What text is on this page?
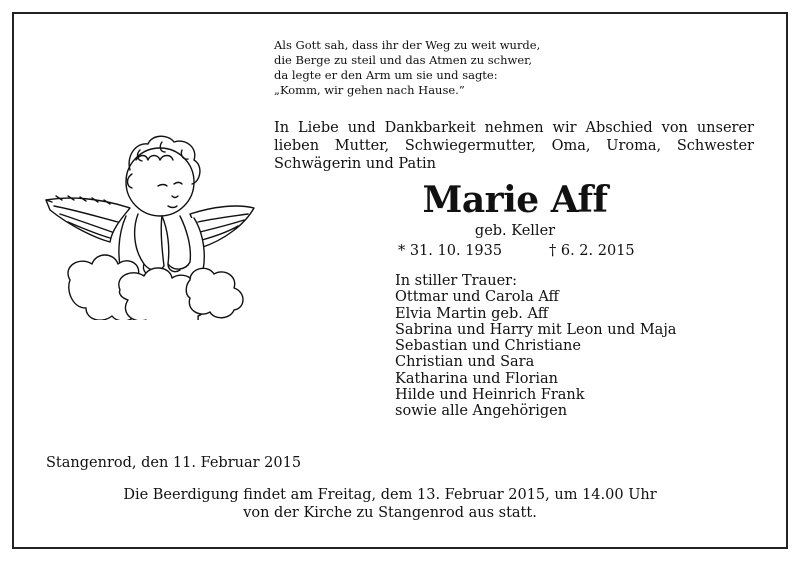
Als Gott sah, dass ihr der Weg zu weit wurde,
die Berge zu steil und das Atmen zu schwer,
da legte er den Arm um sie und sagte:
„Komm, wir gehen nach Hause.”
In Liebe und Dankbarkeit nehmen wir Abschied von unserer lieben Mutter, Schwiegermutter, Oma, Uroma, Schwester Schwägerin und Patin
Marie Aff
geb. Keller
* 31. 10. 1935	† 6. 2. 2015
In stiller Trauer:
Ottmar und Carola Aff
Elvia Martin geb. Aff
Sabrina und Harry mit Leon und Maja
Sebastian und Christiane
Christian und Sara
Katharina und Florian
Hilde und Heinrich Frank
sowie alle Angehörigen
Stangenrod, den 11. Februar 2015
Die Beerdigung findet am Freitag, dem 13. Februar 2015, um 14.00 Uhr
von der Kirche zu Stangenrod aus statt.
